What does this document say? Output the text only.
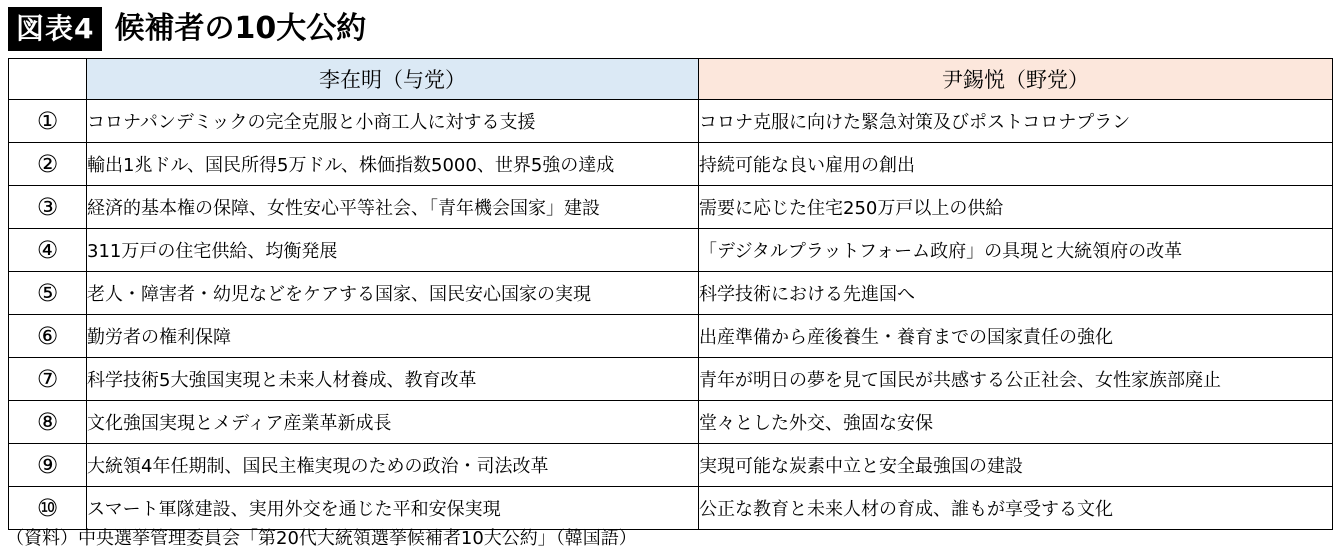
図表4 候補者の10大公約
	李在明（与党）	尹錫悦（野党）
①	コロナパンデミックの完全克服と小商工人に対する支援	コロナ克服に向けた緊急対策及びポストコロナプラン
②	輸出1兆ドル、国民所得5万ドル、株価指数5000、世界5強の達成	持続可能な良い雇用の創出
③	経済的基本権の保障、女性安心平等社会、「青年機会国家」建設	需要に応じた住宅250万戸以上の供給
④	311万戸の住宅供給、均衡発展	「デジタルプラットフォーム政府」の具現と大統領府の改革
⑤	老人・障害者・幼児などをケアする国家、国民安心国家の実現	科学技術における先進国へ
⑥	勤労者の権利保障	出産準備から産後養生・養育までの国家責任の強化
⑦	科学技術5大強国実現と未来人材養成、教育改革	青年が明日の夢を見て国民が共感する公正社会、女性家族部廃止
⑧	文化強国実現とメディア産業革新成長	堂々とした外交、強固な安保
⑨	大統領4年任期制、国民主権実現のための政治・司法改革	実現可能な炭素中立と安全最強国の建設
⑩	スマート軍隊建設、実用外交を通じた平和安保実現	公正な教育と未来人材の育成、誰もが享受する文化
（資料）中央選挙管理委員会「第20代大統領選挙候補者10大公約」（韓国語）
